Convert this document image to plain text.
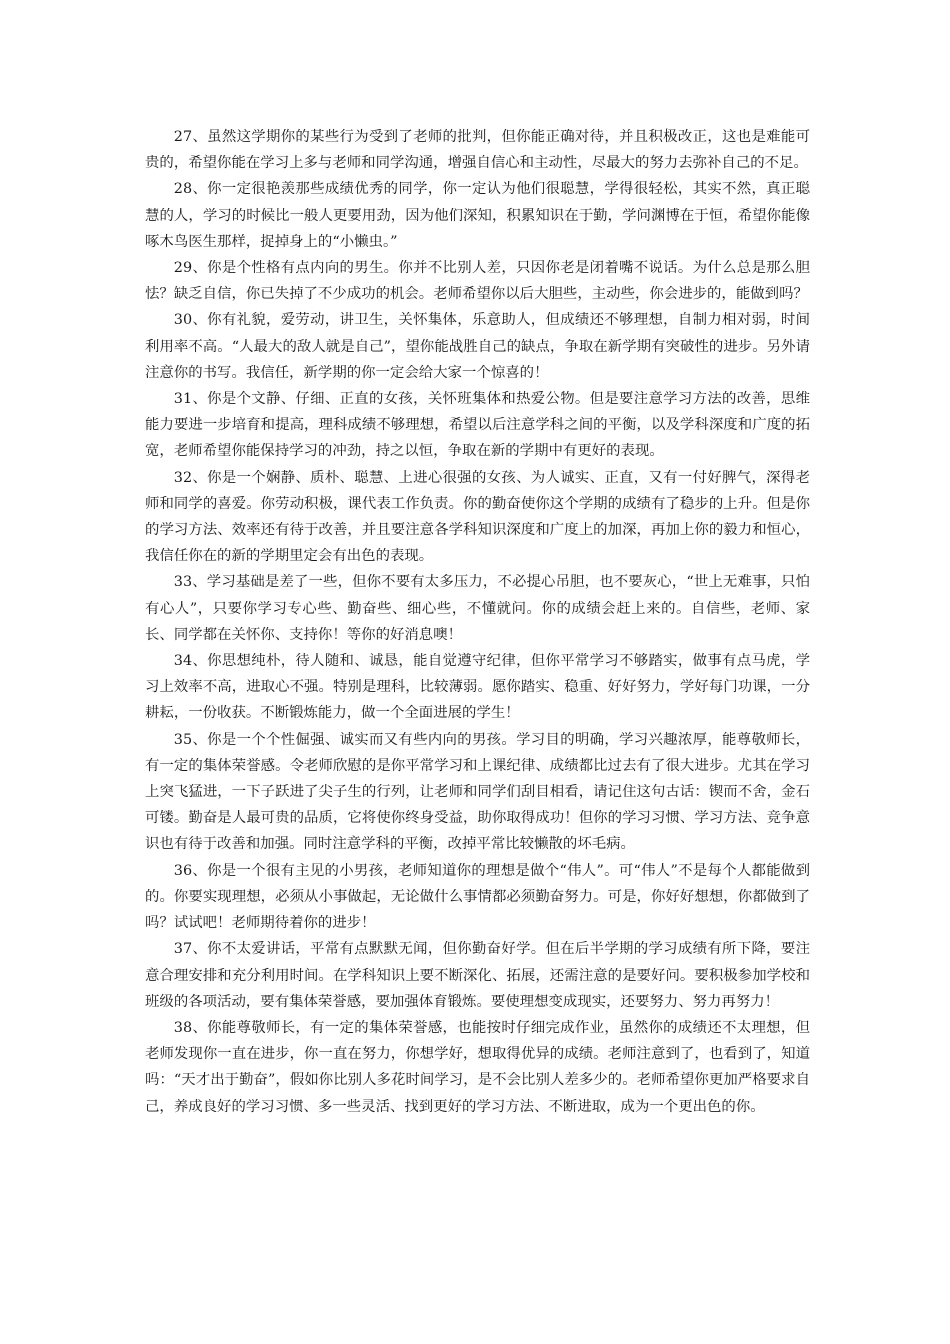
27、虽然这学期你的某些行为受到了老师的批判，但你能正确对待，并且积极改正，这也是难能可贵的，希望你能在学习上多与老师和同学沟通，增强自信心和主动性，尽最大的努力去弥补自己的不足。

28、你一定很艳羡那些成绩优秀的同学，你一定认为他们很聪慧，学得很轻松，其实不然，真正聪慧的人，学习的时候比一般人更要用劲，因为他们深知，积累知识在于勤，学问渊博在于恒，希望你能像啄木鸟医生那样，捉掉身上的“小懒虫。”

29、你是个性格有点内向的男生。你并不比别人差，只因你老是闭着嘴不说话。为什么总是那么胆怯？缺乏自信，你已失掉了不少成功的机会。老师希望你以后大胆些，主动些，你会进步的，能做到吗？

30、你有礼貌，爱劳动，讲卫生，关怀集体，乐意助人，但成绩还不够理想，自制力相对弱，时间利用率不高。“人最大的敌人就是自己”，望你能战胜自己的缺点，争取在新学期有突破性的进步。另外请注意你的书写。我信任，新学期的你一定会给大家一个惊喜的！

31、你是个文静、仔细、正直的女孩，关怀班集体和热爱公物。但是要注意学习方法的改善，思维能力要进一步培育和提高，理科成绩不够理想，希望以后注意学科之间的平衡，以及学科深度和广度的拓宽，老师希望你能保持学习的冲劲，持之以恒，争取在新的学期中有更好的表现。

32、你是一个娴静、质朴、聪慧、上进心很强的女孩、为人诚实、正直，又有一付好脾气，深得老师和同学的喜爱。你劳动积极，课代表工作负责。你的勤奋使你这个学期的成绩有了稳步的上升。但是你的学习方法、效率还有待于改善，并且要注意各学科知识深度和广度上的加深，再加上你的毅力和恒心，我信任你在的新的学期里定会有出色的表现。

33、学习基础是差了一些，但你不要有太多压力，不必提心吊胆，也不要灰心，“世上无难事，只怕有心人”，只要你学习专心些、勤奋些、细心些，不懂就问。你的成绩会赶上来的。自信些，老师、家长、同学都在关怀你、支持你！等你的好消息噢！

34、你思想纯朴，待人随和、诚恳，能自觉遵守纪律，但你平常学习不够踏实，做事有点马虎，学习上效率不高，进取心不强。特别是理科，比较薄弱。愿你踏实、稳重、好好努力，学好每门功课，一分耕耘，一份收获。不断锻炼能力，做一个全面进展的学生！

35、你是一个个性倔强、诚实而又有些内向的男孩。学习目的明确，学习兴趣浓厚，能尊敬师长，有一定的集体荣誉感。令老师欣慰的是你平常学习和上课纪律、成绩都比过去有了很大进步。尤其在学习上突飞猛进，一下子跃进了尖子生的行列，让老师和同学们刮目相看，请记住这句古话：锲而不舍，金石可镂。勤奋是人最可贵的品质，它将使你终身受益，助你取得成功！但你的学习习惯、学习方法、竞争意识也有待于改善和加强。同时注意学科的平衡，改掉平常比较懒散的坏毛病。

36、你是一个很有主见的小男孩，老师知道你的理想是做个“伟人”。可“伟人”不是每个人都能做到的。你要实现理想，必须从小事做起，无论做什么事情都必须勤奋努力。可是，你好好想想，你都做到了吗？试试吧！老师期待着你的进步！

37、你不太爱讲话，平常有点默默无闻，但你勤奋好学。但在后半学期的学习成绩有所下降，要注意合理安排和充分利用时间。在学科知识上要不断深化、拓展，还需注意的是要好问。要积极参加学校和班级的各项活动，要有集体荣誉感，要加强体育锻炼。要使理想变成现实，还要努力、努力再努力！

38、你能尊敬师长，有一定的集体荣誉感，也能按时仔细完成作业，虽然你的成绩还不太理想，但老师发现你一直在进步，你一直在努力，你想学好，想取得优异的成绩。老师注意到了，也看到了，知道吗：“天才出于勤奋”，假如你比别人多花时间学习，是不会比别人差多少的。老师希望你更加严格要求自己，养成良好的学习习惯、多一些灵活、找到更好的学习方法、不断进取，成为一个更出色的你。
